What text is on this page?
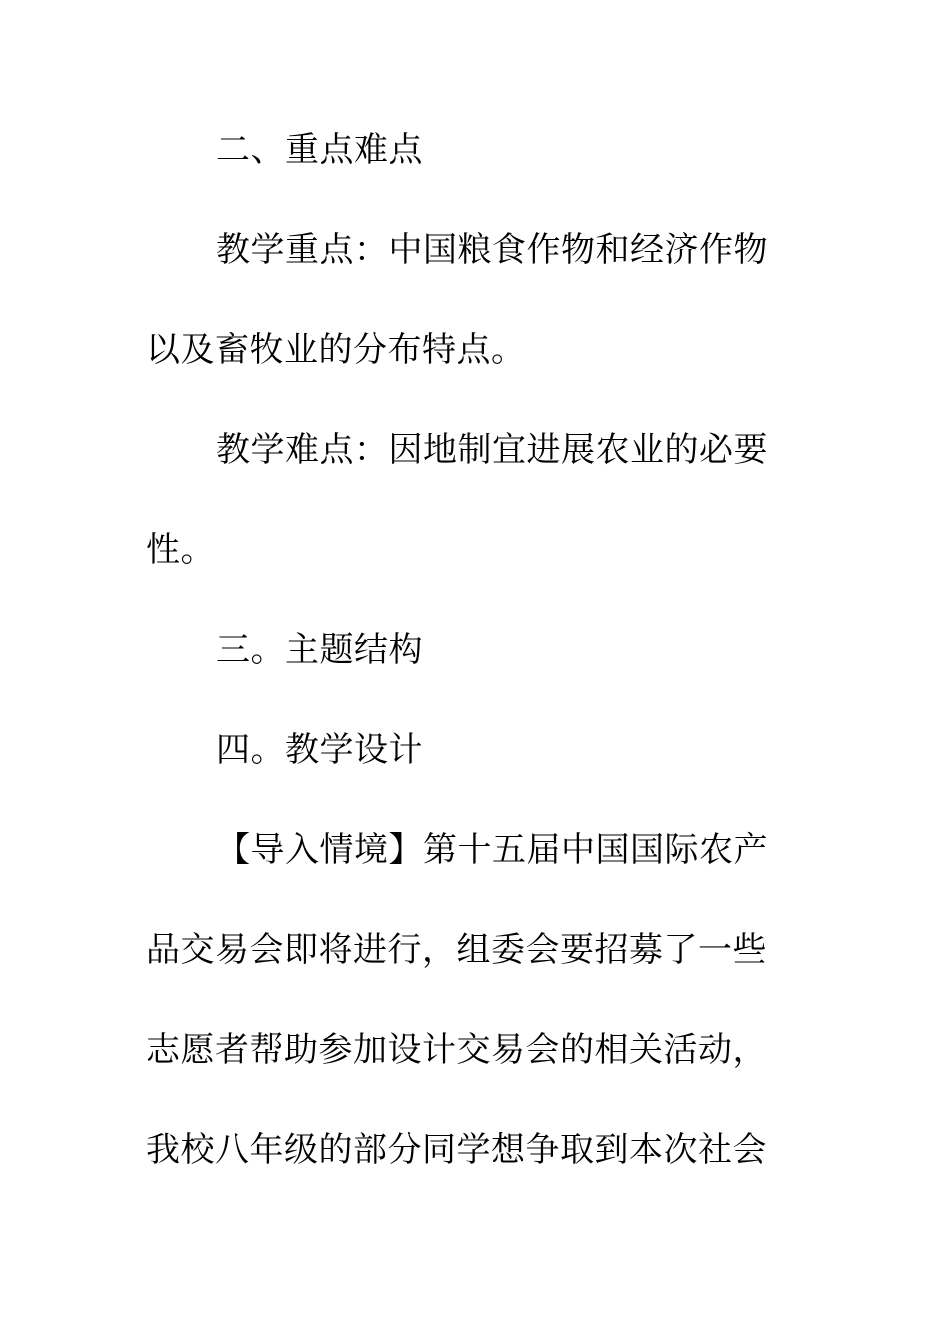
二、重点难点
教学重点：中国粮食作物和经济作物
以及畜牧业的分布特点。
教学难点：因地制宜进展农业的必要
性。
三。主题结构
四。教学设计
【导入情境】第十五届中国国际农产
品交易会即将进行，组委会要招募了一些
志愿者帮助参加设计交易会的相关活动，
我校八年级的部分同学想争取到本次社会
